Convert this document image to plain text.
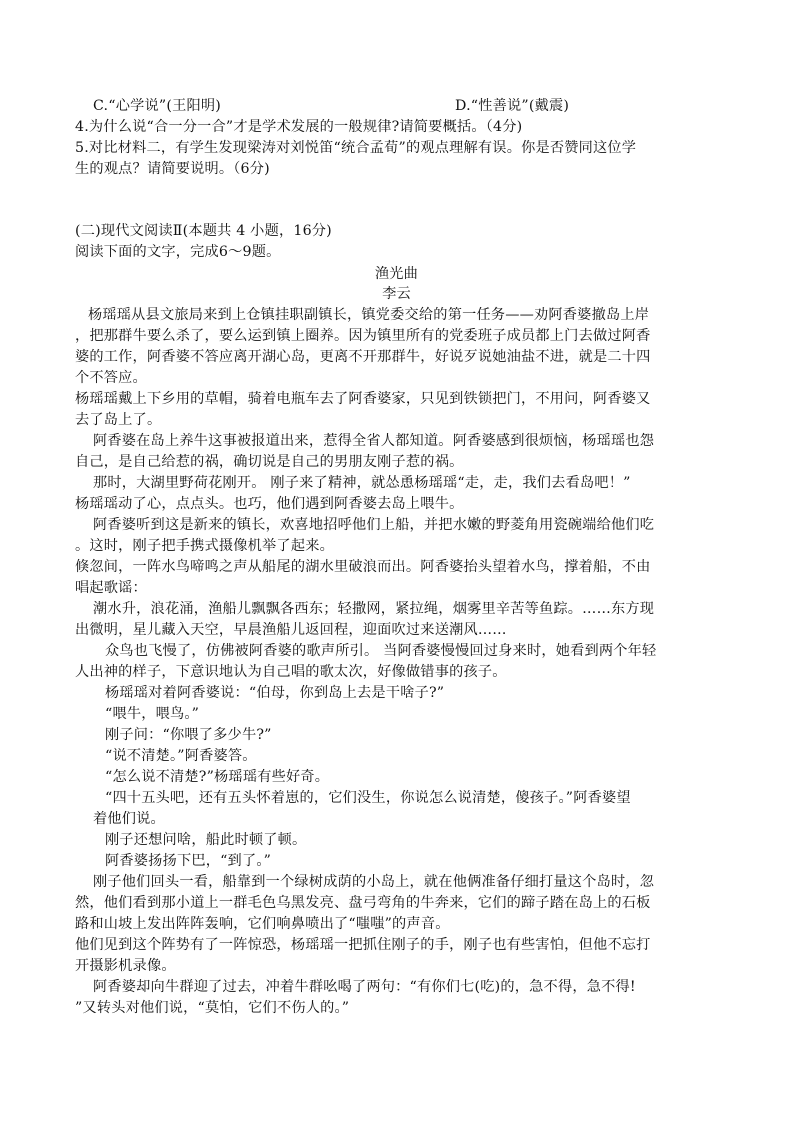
C.“心学说”(王阳明)	D.“性善说”(戴震)
4.为什么说“合一分一合”才是学术发展的一般规律?请简要概括。（4分)
5.对比材料二，有学生发现梁涛对刘悦笛“统合孟荀”的观点理解有误。你是否赞同这位学
生的观点？请简要说明。（6分)
(二)现代文阅读Ⅱ(本题共 4 小题，16分)
阅读下面的文字，完成6～9题。
渔光曲
李云
杨瑶瑶从县文旅局来到上仓镇挂职副镇长，镇党委交给的第一任务——劝阿香婆撤岛上岸
，把那群牛要么杀了，要么运到镇上圈养。因为镇里所有的党委班子成员都上门去做过阿香
婆的工作，阿香婆不答应离开湖心岛，更离不开那群牛，好说歹说她油盐不进，就是二十四
个不答应。
杨瑶瑶戴上下乡用的草帽，骑着电瓶车去了阿香婆家，只见到铁锁把门，不用问，阿香婆又
去了岛上了。
阿香婆在岛上养牛这事被报道出来，惹得全省人都知道。阿香婆感到很烦恼，杨瑶瑶也怨
自己，是自己给惹的祸，确切说是自己的男朋友刚子惹的祸。
那时，大湖里野荷花刚开。 刚子来了精神，就怂恿杨瑶瑶“走，走，我们去看岛吧！”
杨瑶瑶动了心，点点头。也巧，他们遇到阿香婆去岛上喂牛。
阿香婆听到这是新来的镇长，欢喜地招呼他们上船，并把水嫩的野菱角用瓷碗端给他们吃
。这时，刚子把手携式摄像机举了起来。
倏忽间，一阵水鸟啼鸣之声从船尾的湖水里破浪而出。阿香婆抬头望着水鸟，撑着船，不由
唱起歌谣：
潮水升，浪花涌，渔船儿飘飘各西东；轻撒网，紧拉绳，烟雾里辛苦等鱼踪。……东方现
出微明，星儿藏入天空，早晨渔船儿返回程，迎面吹过来送潮风……
众鸟也飞慢了，仿佛被阿香婆的歌声所引。 当阿香婆慢慢回过身来时，她看到两个年轻
人出神的样子，下意识地认为自己唱的歌太次，好像做错事的孩子。
杨瑶瑶对着阿香婆说：“伯母，你到岛上去是干啥子?”
“喂牛，喂鸟。”
刚子问：“你喂了多少牛?”
“说不清楚。”阿香婆答。
“怎么说不清楚?”杨瑶瑶有些好奇。
“四十五头吧，还有五头怀着崽的，它们没生，你说怎么说清楚，傻孩子。”阿香婆望
着他们说。
刚子还想问啥，船此时顿了顿。
阿香婆扬扬下巴，“到了。”
刚子他们回头一看，船靠到一个绿树成荫的小岛上，就在他俩准备仔细打量这个岛时，忽
然，他们看到那小道上一群毛色乌黑发亮、盘弓弯角的牛奔来，它们的蹄子踏在岛上的石板
路和山坡上发出阵阵轰响，它们响鼻喷出了“嗤嗤”的声音。
他们见到这个阵势有了一阵惊恐，杨瑶瑶一把抓住刚子的手，刚子也有些害怕，但他不忘打
开摄影机录像。
阿香婆却向牛群迎了过去，冲着牛群吆喝了两句：“有你们七(吃)的，急不得，急不得!
”又转头对他们说，“莫怕，它们不伤人的。”
